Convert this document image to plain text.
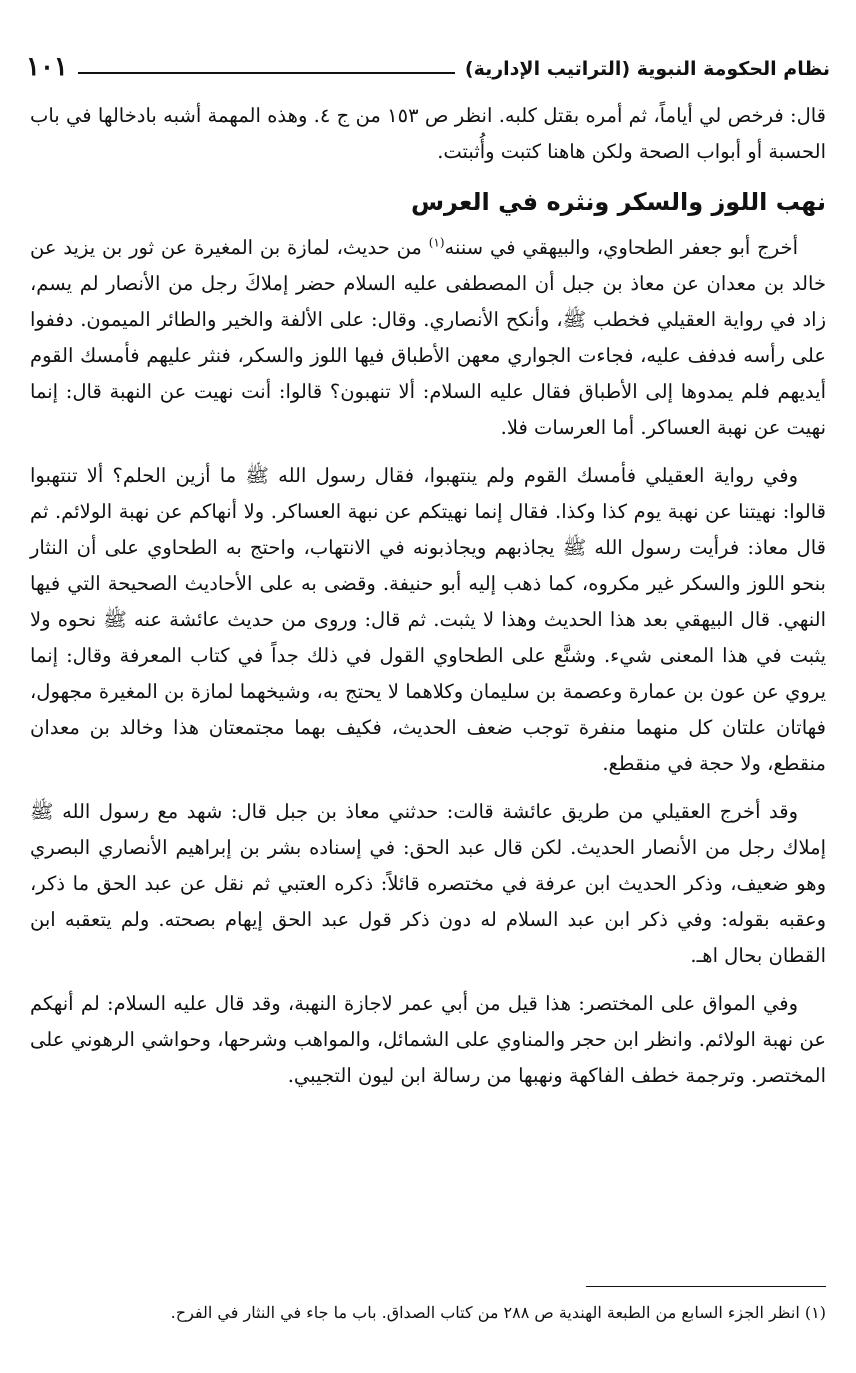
نظام الحكومة النبوية (التراتيب الإدارية)
١٠١

قال: فرخص لي أياماً، ثم أمره بقتل كلبه. انظر ص ١٥٣ من ج ٤. وهذه المهمة أشبه بادخالها في باب الحسبة أو أبواب الصحة ولكن هاهنا كتبت وأُثبتت.

نهب اللوز والسكر ونثره في العرس

أخرج أبو جعفر الطحاوي، والبيهقي في سننه$^{(١)}$ من حديث، لمازة بن المغيرة عن ثور بن يزيد عن خالد بن معدان عن معاذ بن جبل أن المصطفى عليه السلام حضر إملاكَ رجل من الأنصار لم يسم، زاد في رواية العقيلي فخطب ﷺ، وأنكح الأنصاري. وقال: على الألفة والخير والطائر الميمون. دففوا على رأسه فدفف عليه، فجاءت الجواري معهن الأطباق فيها اللوز والسكر، فنثر عليهم فأمسك القوم أيديهم فلم يمدوها إلى الأطباق فقال عليه السلام: ألا تنهبون؟ قالوا: أنت نهيت عن النهبة قال: إنما نهيت عن نهبة العساكر. أما العرسات فلا.

وفي رواية العقيلي فأمسك القوم ولم ينتهبوا، فقال رسول الله ﷺ ما أزين الحلم؟ ألا تنتهبوا قالوا: نهيتنا عن نهبة يوم كذا وكذا. فقال إنما نهيتكم عن نبهة العساكر. ولا أنهاكم عن نهبة الولائم. ثم قال معاذ: فرأيت رسول الله ﷺ يجاذبهم ويجاذبونه في الانتهاب، واحتج به الطحاوي على أن النثار بنحو اللوز والسكر غير مكروه، كما ذهب إليه أبو حنيفة. وقضى به على الأحاديث الصحيحة التي فيها النهي. قال البيهقي بعد هذا الحديث وهذا لا يثبت. ثم قال: وروى من حديث عائشة عنه ﷺ نحوه ولا يثبت في هذا المعنى شيء. وشنَّع على الطحاوي القول في ذلك جداً في كتاب المعرفة وقال: إنما يروي عن عون بن عمارة وعصمة بن سليمان وكلاهما لا يحتج به، وشيخهما لمازة بن المغيرة مجهول، فهاتان علتان كل منهما منفرة توجب ضعف الحديث، فكيف بهما مجتمعتان هذا وخالد بن معدان منقطع، ولا حجة في منقطع.

وقد أخرج العقيلي من طريق عائشة قالت: حدثني معاذ بن جبل قال: شهد مع رسول الله ﷺ إملاك رجل من الأنصار الحديث. لكن قال عبد الحق: في إسناده بشر بن إبراهيم الأنصاري البصري وهو ضعيف، وذكر الحديث ابن عرفة في مختصره قائلاً: ذكره العتبي ثم نقل عن عبد الحق ما ذكر، وعقبه بقوله: وفي ذكر ابن عبد السلام له دون ذكر قول عبد الحق إيهام بصحته. ولم يتعقبه ابن القطان بحال اهـ.

وفي المواق على المختصر: هذا قيل من أبي عمر لاجازة النهبة، وقد قال عليه السلام: لم أنهكم عن نهبة الولائم. وانظر ابن حجر والمناوي على الشمائل، والمواهب وشرحها، وحواشي الرهوني على المختصر. وترجمة خطف الفاكهة ونهبها من رسالة ابن ليون التجيبي.

(١) انظر الجزء السابع من الطبعة الهندية ص ٢٨٨ من كتاب الصداق. باب ما جاء في النثار في الفرح.
